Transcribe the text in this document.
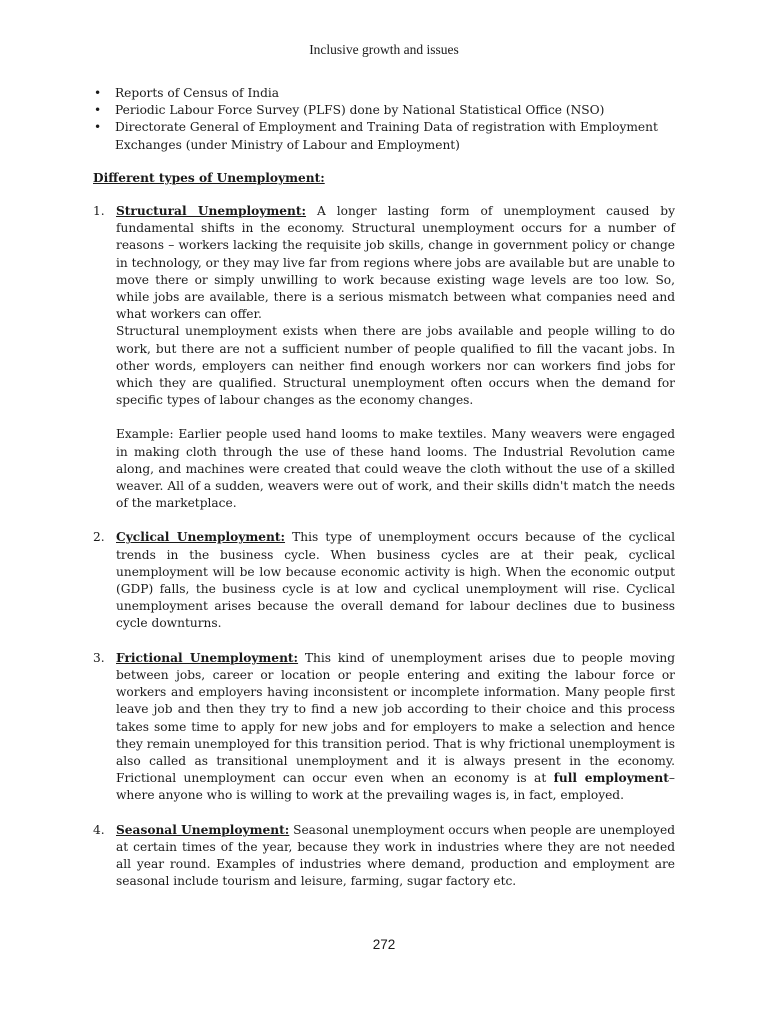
Inclusive growth and issues
• Reports of Census of India
• Periodic Labour Force Survey (PLFS) done by National Statistical Office (NSO)
• Directorate General of Employment and Training Data of registration with Employment Exchanges (under Ministry of Labour and Employment)
Different types of Unemployment:
1. Structural Unemployment: A longer lasting form of unemployment caused by fundamental shifts in the economy. Structural unemployment occurs for a number of reasons – workers lacking the requisite job skills, change in government policy or change in technology, or they may live far from regions where jobs are available but are unable to move there or simply unwilling to work because existing wage levels are too low. So, while jobs are available, there is a serious mismatch between what companies need and what workers can offer.

Structural unemployment exists when there are jobs available and people willing to do work, but there are not a sufficient number of people qualified to fill the vacant jobs. In other words, employers can neither find enough workers nor can workers find jobs for which they are qualified. Structural unemployment often occurs when the demand for specific types of labour changes as the economy changes.

Example: Earlier people used hand looms to make textiles. Many weavers were engaged in making cloth through the use of these hand looms. The Industrial Revolution came along, and machines were created that could weave the cloth without the use of a skilled weaver. All of a sudden, weavers were out of work, and their skills didn't match the needs of the marketplace.

2. Cyclical Unemployment: This type of unemployment occurs because of the cyclical trends in the business cycle. When business cycles are at their peak, cyclical unemployment will be low because economic activity is high. When the economic output (GDP) falls, the business cycle is at low and cyclical unemployment will rise. Cyclical unemployment arises because the overall demand for labour declines due to business cycle downturns.

3. Frictional Unemployment: This kind of unemployment arises due to people moving between jobs, career or location or people entering and exiting the labour force or workers and employers having inconsistent or incomplete information. Many people first leave job and then they try to find a new job according to their choice and this process takes some time to apply for new jobs and for employers to make a selection and hence they remain unemployed for this transition period. That is why frictional unemployment is also called as transitional unemployment and it is always present in the economy. Frictional unemployment can occur even when an economy is at full employment– where anyone who is willing to work at the prevailing wages is, in fact, employed.

4. Seasonal Unemployment: Seasonal unemployment occurs when people are unemployed at certain times of the year, because they work in industries where they are not needed all year round. Examples of industries where demand, production and employment are seasonal include tourism and leisure, farming, sugar factory etc.

272
